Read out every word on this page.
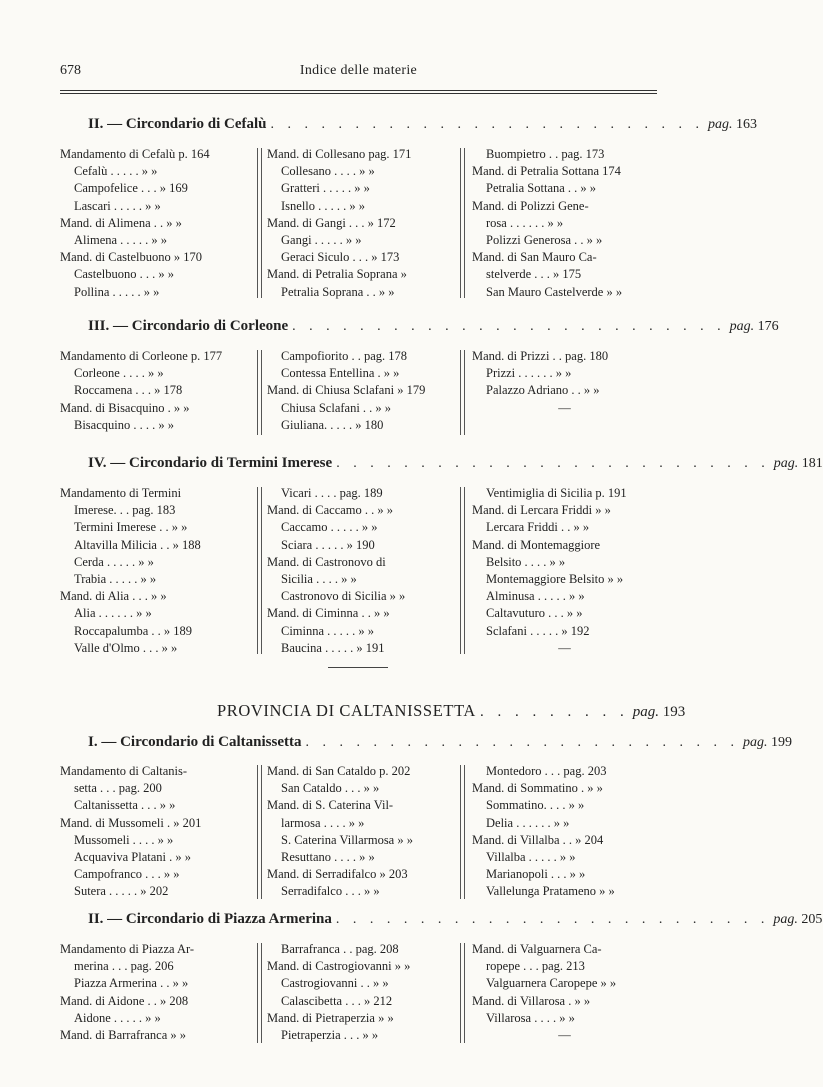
678	Indice delle materie
II. — Circondario di Cefalù . . . . . . . . . . . . . . . . . . . . . . . . . . pag. 163
Mandamento di Cefalù p. 164
Cefalù . . . . . » »
Campofelice . . . » 169
Lascari . . . . . » »
Mand. di Alimena . . » »
Alimena . . . . . » »
Mand. di Castelbuono » 170
Castelbuono . . . » »
Pollina . . . . . » »
Mand. di Collesano pag. 171
Collesano . . . . » »
Gratteri . . . . . » »
Isnello . . . . . » »
Mand. di Gangi . . . » 172
Gangi . . . . . » »
Geraci Siculo . . . » 173
Mand. di Petralia Soprana »
Petralia Soprana . . » »
Buompietro . . pag. 173
Mand. di Petralia Sottana 174
Petralia Sottana . . » »
Mand. di Polizzi Gene-
rosa . . . . . . » »
Polizzi Generosa . . » »
Mand. di San Mauro Ca-
stelverde . . . » 175
San Mauro Castelverde » »
III. — Circondario di Corleone . . . . . . . . . . . . . . . . . . . . . . . . . . pag. 176
Mandamento di Corleone p. 177
Corleone . . . . » »
Roccamena . . . » 178
Mand. di Bisacquino . » »
Bisacquino . . . . » »
Campofiorito . . pag. 178
Contessa Entellina . » »
Mand. di Chiusa Sclafani » 179
Chiusa Sclafani . . » »
Giuliana. . . . . » 180
Mand. di Prizzi . . pag. 180
Prizzi . . . . . . » »
Palazzo Adriano . . » »
—
IV. — Circondario di Termini Imerese . . . . . . . . . . . . . . . . . . . . . . . . . . pag. 181
Mandamento di Termini
Imerese. . . pag. 183
Termini Imerese . . » »
Altavilla Milicia . . » 188
Cerda . . . . . » »
Trabia . . . . . » »
Mand. di Alia . . . » »
Alia . . . . . . » »
Roccapalumba . . » 189
Valle d'Olmo . . . » »
Vicari . . . . pag. 189
Mand. di Caccamo . . » »
Caccamo . . . . . » »
Sciara . . . . . » 190
Mand. di Castronovo di
Sicilia . . . . » »
Castronovo di Sicilia » »
Mand. di Ciminna . . » »
Ciminna . . . . . » »
Baucina . . . . . » 191
Ventimiglia di Sicilia p. 191
Mand. di Lercara Friddi » »
Lercara Friddi . . » »
Mand. di Montemaggiore
Belsito . . . . » »
Montemaggiore Belsito » »
Alminusa . . . . . » »
Caltavuturo . . . » »
Sclafani . . . . . » 192
—
PROVINCIA DI CALTANISSETTA . . . . . . . . . pag. 193
I. — Circondario di Caltanissetta . . . . . . . . . . . . . . . . . . . . . . . . . . pag. 199
Mandamento di Caltanis-
setta . . . pag. 200
Caltanissetta . . . » »
Mand. di Mussomeli . » 201
Mussomeli . . . . » »
Acquaviva Platani . » »
Campofranco . . . » »
Sutera . . . . . » 202
Mand. di San Cataldo p. 202
San Cataldo . . . » »
Mand. di S. Caterina Vil-
larmosa . . . . » »
S. Caterina Villarmosa » »
Resuttano . . . . » »
Mand. di Serradifalco » 203
Serradifalco . . . » »
Montedoro . . . pag. 203
Mand. di Sommatino . » »
Sommatino. . . . » »
Delia . . . . . . » »
Mand. di Villalba . . » 204
Villalba . . . . . » »
Marianopoli . . . » »
Vallelunga Pratameno » »
II. — Circondario di Piazza Armerina . . . . . . . . . . . . . . . . . . . . . . . . . . pag. 205
Mandamento di Piazza Ar-
merina . . . pag. 206
Piazza Armerina . . » »
Mand. di Aidone . . » 208
Aidone . . . . . » »
Mand. di Barrafranca » »
Barrafranca . . pag. 208
Mand. di Castrogiovanni » »
Castrogiovanni . . » »
Calascibetta . . . » 212
Mand. di Pietraperzia » »
Pietraperzia . . . » »
Mand. di Valguarnera Ca-
ropepe . . . pag. 213
Valguarnera Caropepe » »
Mand. di Villarosa . » »
Villarosa . . . . » »
—
